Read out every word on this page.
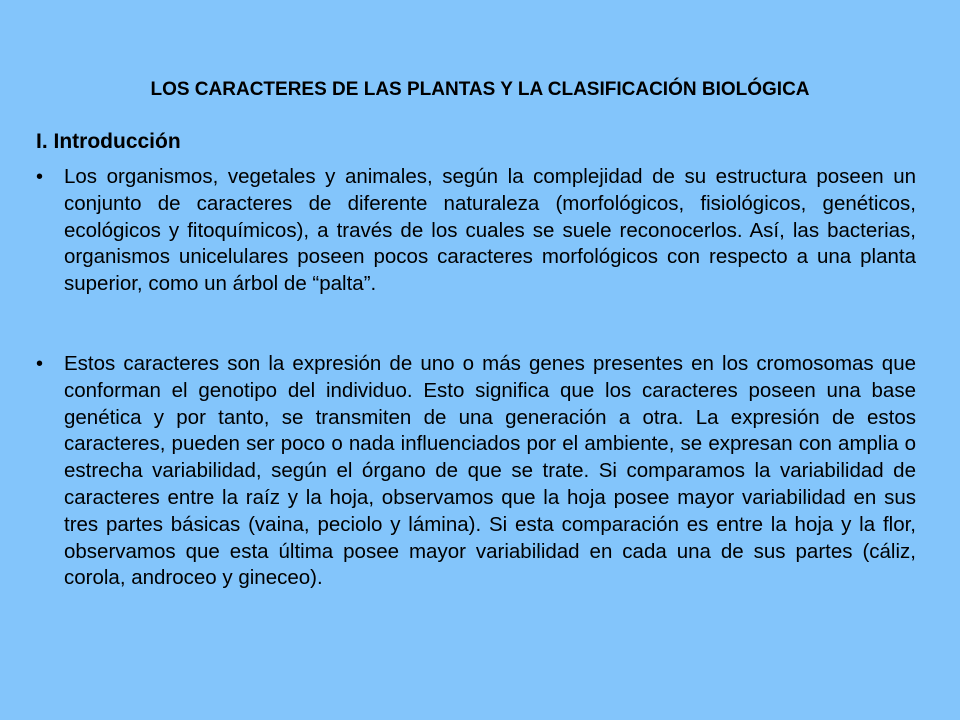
LOS CARACTERES DE LAS PLANTAS Y LA CLASIFICACIÓN BIOLÓGICA
I. Introducción
• Los organismos, vegetales y animales, según la complejidad de su estructura poseen un conjunto de caracteres de diferente naturaleza (morfológicos, fisiológicos, genéticos, ecológicos y fitoquímicos), a través de los cuales se suele reconocerlos. Así, las bacterias, organismos unicelulares poseen pocos caracteres morfológicos con respecto a una planta superior, como un árbol de “palta”.
• Estos caracteres son la expresión de uno o más genes presentes en los cromosomas que conforman el genotipo del individuo. Esto significa que los caracteres poseen una base genética y por tanto, se transmiten de una generación a otra. La expresión de estos caracteres, pueden ser poco o nada influenciados por el ambiente, se expresan con amplia o estrecha variabilidad, según el órgano de que se trate. Si comparamos la variabilidad de caracteres entre la raíz y la hoja, observamos que la hoja posee mayor variabilidad en sus tres partes básicas (vaina, peciolo y lámina). Si esta comparación es entre la hoja y la flor, observamos que esta última posee mayor variabilidad en cada una de sus partes (cáliz, corola, androceo y gineceo).
